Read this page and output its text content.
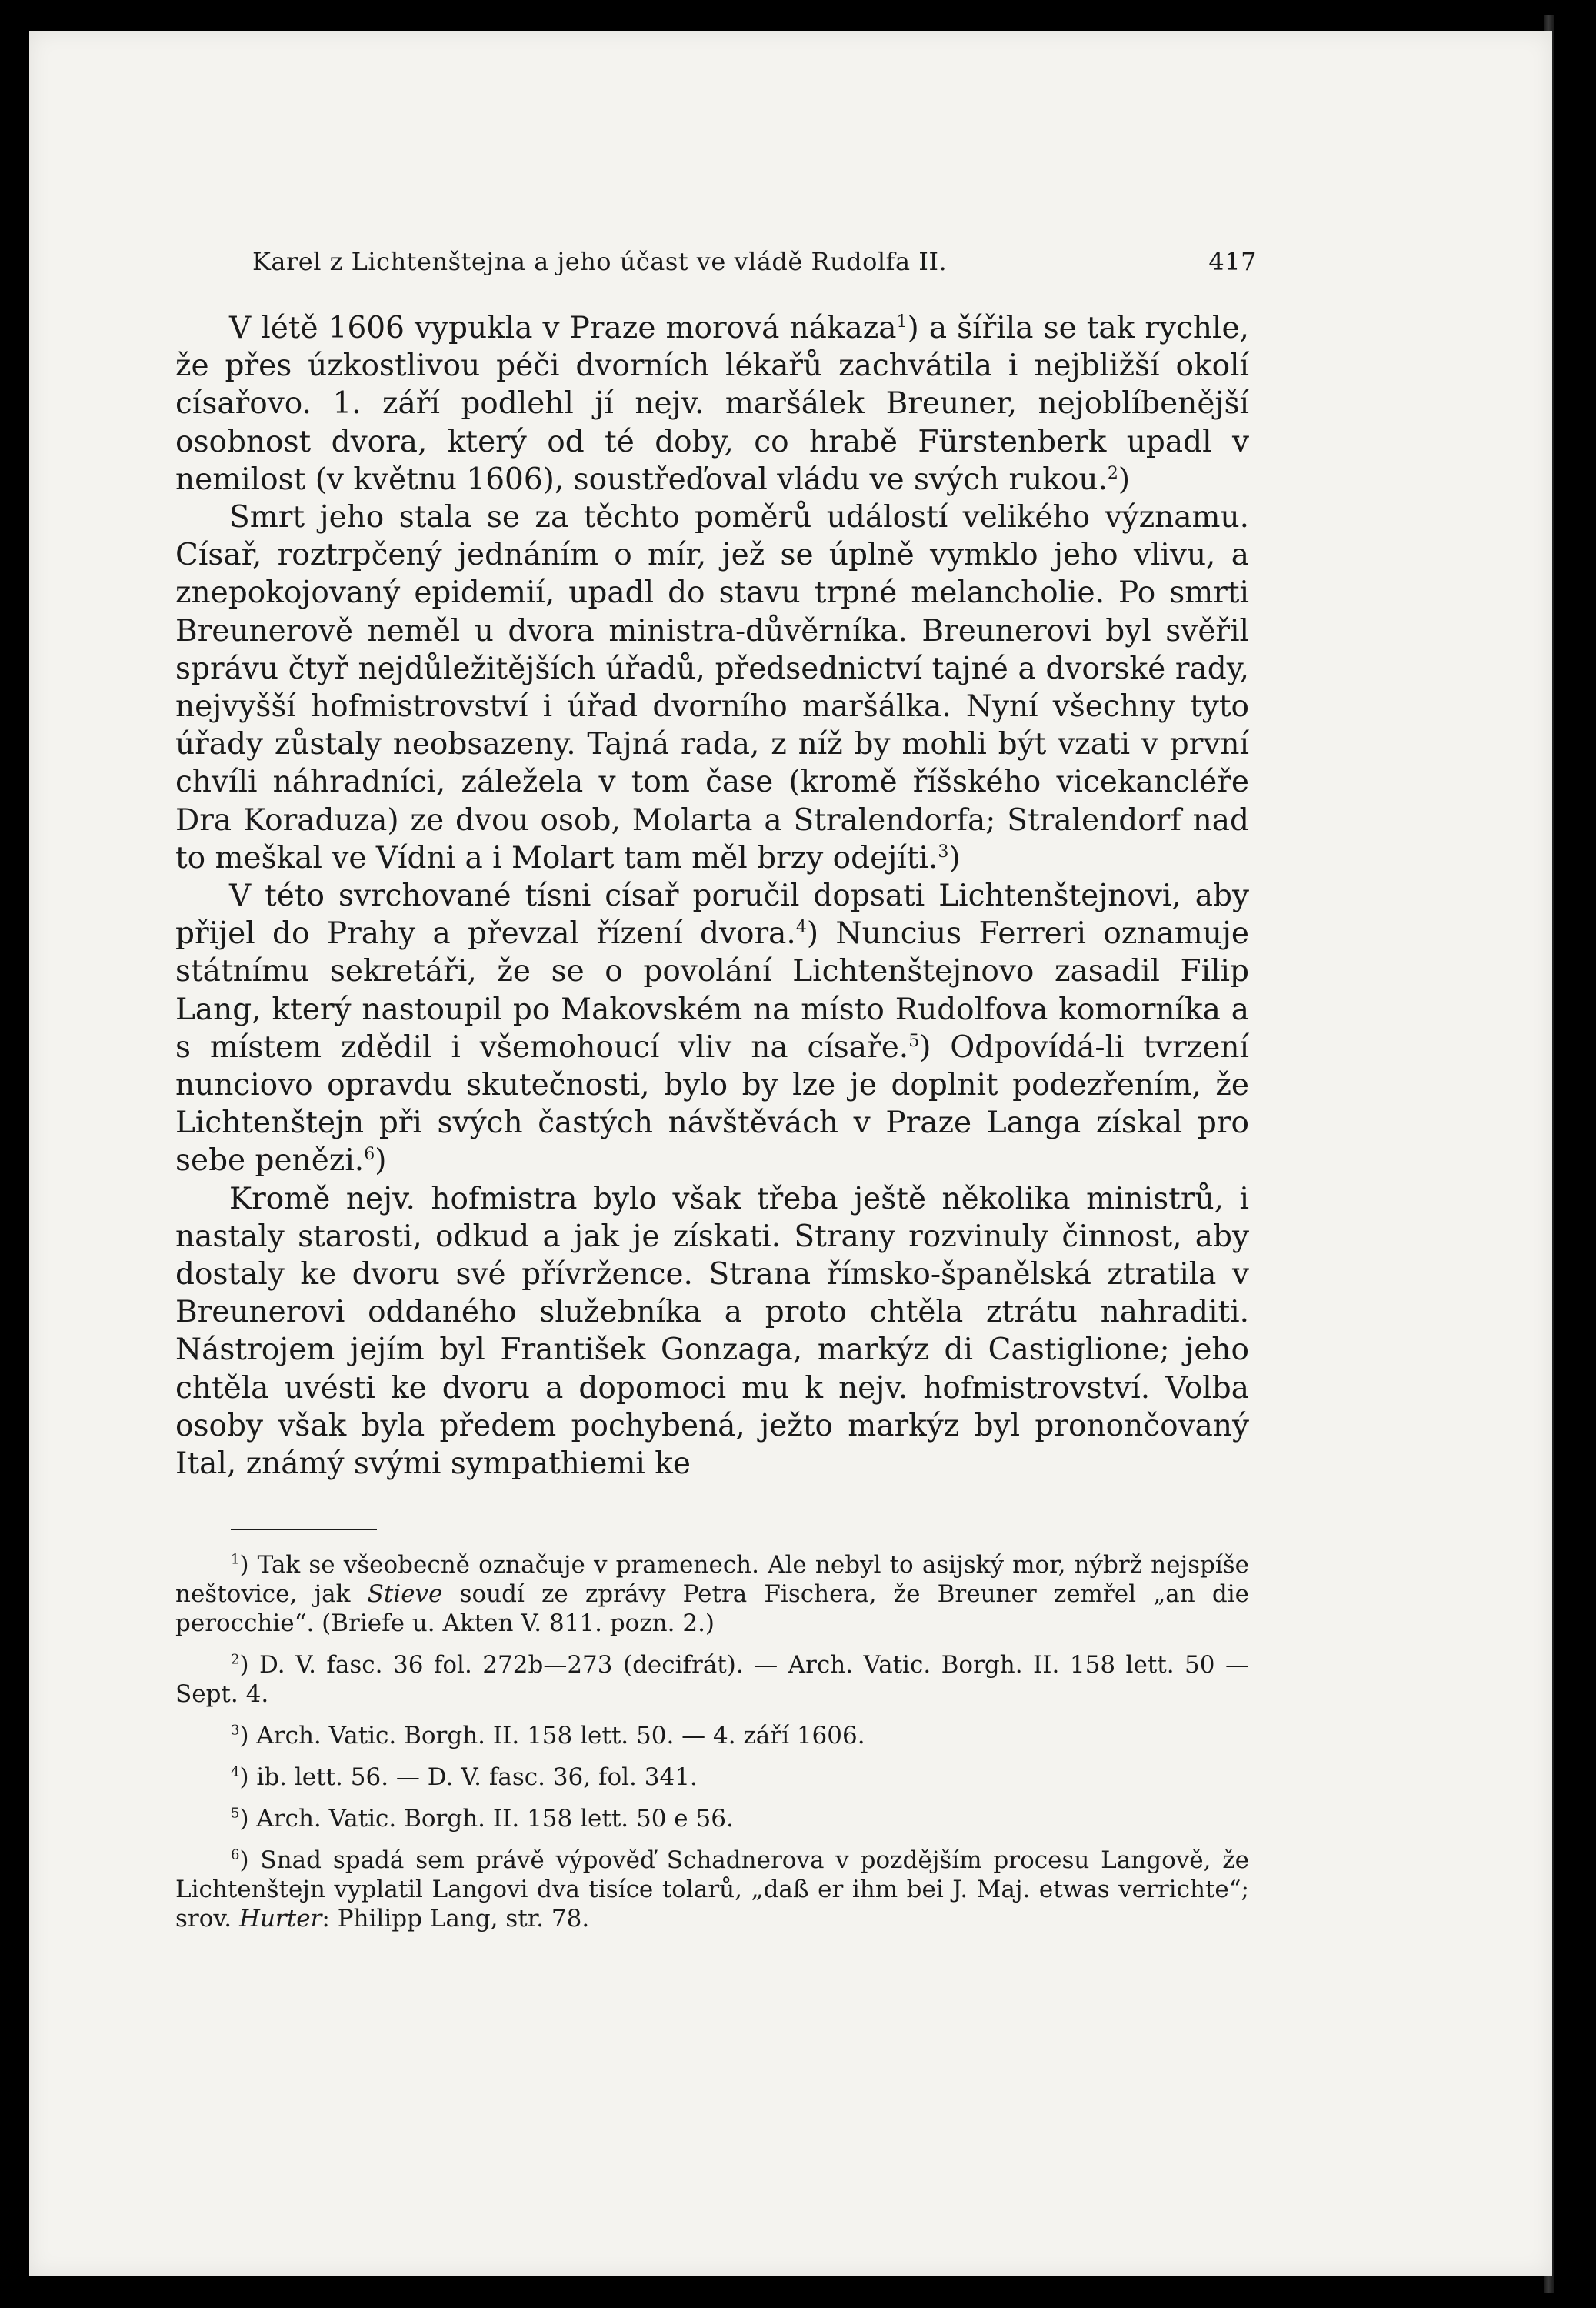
Karel z Lichtenštejna a jeho účast ve vládě Rudolfa II.	417

V létě 1606 vypukla v Praze morová nákaza$^1$) a šířila se tak rychle, že přes úzkostlivou péči dvorních lékařů zachvátila i nejbližší okolí císařovo. 1. září podlehl jí nejv. maršálek Breuner, nejoblíbenější osobnost dvora, který od té doby, co hrabě Fürstenberk upadl v nemilost (v květnu 1606), soustřeďoval vládu ve svých rukou.$^2$)

Smrt jeho stala se za těchto poměrů událostí velikého významu. Císař, roztrpčený jednáním o mír, jež se úplně vymklo jeho vlivu, a znepokojovaný epidemií, upadl do stavu trpné melancholie. Po smrti Breunerově neměl u dvora ministra-důvěrníka. Breunerovi byl svěřil správu čtyř nejdůležitějších úřadů, předsednictví tajné a dvorské rady, nejvyšší hofmistrovství i úřad dvorního maršálka. Nyní všechny tyto úřady zůstaly neobsazeny. Tajná rada, z níž by mohli být vzati v první chvíli náhradníci, záležela v tom čase (kromě říšského vicekancléře Dra Koraduza) ze dvou osob, Molarta a Stralendorfa; Stralendorf nad to meškal ve Vídni a i Molart tam měl brzy odejíti.$^3$)

V této svrchované tísni císař poručil dopsati Lichtenštejnovi, aby přijel do Prahy a převzal řízení dvora.$^4$) Nuncius Ferreri oznamuje státnímu sekretáři, že se o povolání Lichtenštejnovo zasadil Filip Lang, který nastoupil po Makovském na místo Rudolfova komorníka a s místem zdědil i všemohoucí vliv na císaře.$^5$) Odpovídá-li tvrzení nunciovo opravdu skutečnosti, bylo by lze je doplnit podezřením, že Lichtenštejn při svých častých návštěvách v Praze Langa získal pro sebe penězi.$^6$)

Kromě nejv. hofmistra bylo však třeba ještě několika ministrů, i nastaly starosti, odkud a jak je získati. Strany rozvinuly činnost, aby dostaly ke dvoru své přívržence. Strana římsko-španělská ztratila v Breunerovi oddaného služebníka a proto chtěla ztrátu nahraditi. Nástrojem jejím byl František Gonzaga, markýz di Castiglione; jeho chtěla uvésti ke dvoru a dopomoci mu k nejv. hofmistrovství. Volba osoby však byla předem pochybená, ježto markýz byl pronončovaný Ital, známý svými sympathiemi ke

$^1$) Tak se všeobecně označuje v pramenech. Ale nebyl to asijský mor, nýbrž nejspíše neštovice, jak Stieve soudí ze zprávy Petra Fischera, že Breuner zemřel „an die perocchie“. (Briefe u. Akten V. 811. pozn. 2.)

$^2$) D. V. fasc. 36 fol. 272b—273 (decifrát). — Arch. Vatic. Borgh. II. 158 lett. 50 — Sept. 4.

$^3$) Arch. Vatic. Borgh. II. 158 lett. 50. — 4. září 1606.

$^4$) ib. lett. 56. — D. V. fasc. 36, fol. 341.

$^5$) Arch. Vatic. Borgh. II. 158 lett. 50 e 56.

$^6$) Snad spadá sem právě výpověď Schadnerova v pozdějším procesu Langově, že Lichtenštejn vyplatil Langovi dva tisíce tolarů, „daß er ihm bei J. Maj. etwas verrichte“; srov. Hurter: Philipp Lang, str. 78.
